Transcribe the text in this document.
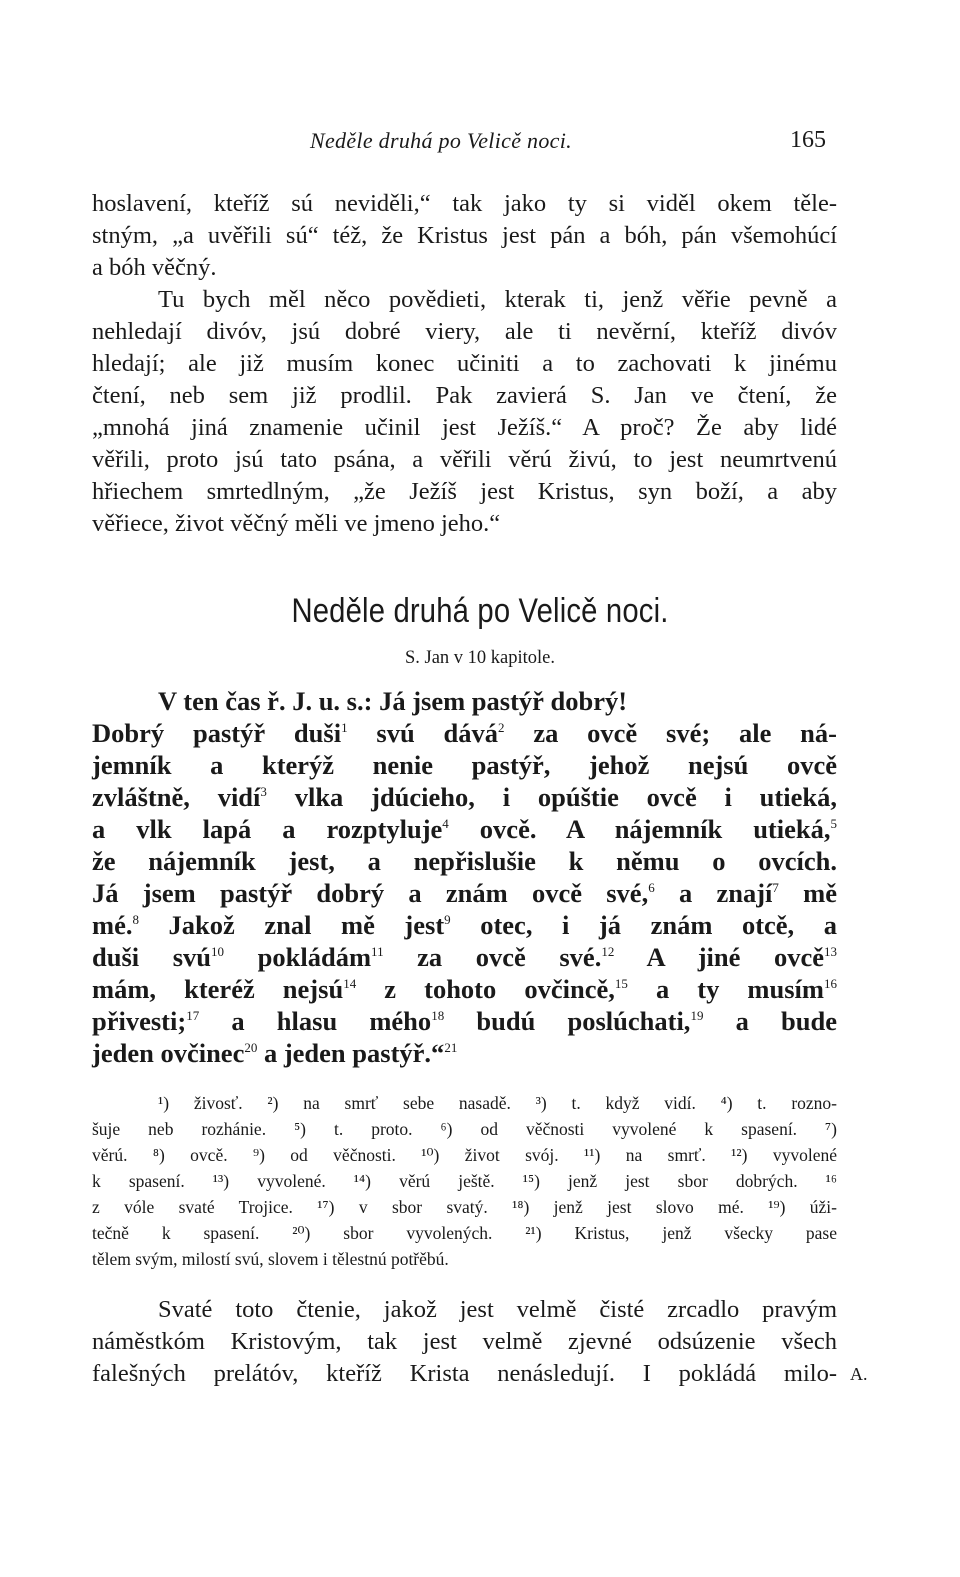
Neděle druhá po Velicě noci.	165
hoslavení, kteříž sú neviděli,“ tak jako ty si viděl okem těle-
stným, „a uvěřili sú“ též, že Kristus jest pán a bóh, pán všemohúcí
a bóh věčný.
Tu bych měl něco povědieti, kterak ti, jenž věřie pevně a
nehledají divóv, jsú dobré viery, ale ti nevěrní, kteříž divóv
hledají; ale již musím konec učiniti a to zachovati k jinému
čtení, neb sem již prodlil. Pak zavierá S. Jan ve čtení, že
„mnohá jiná znamenie učinil jest Ježíš.“ A proč? Že aby lidé
věřili, proto jsú tato psána, a věřili věrú živú, to jest neumrtvenú
hřiechem smrtedlným, „že Ježíš jest Kristus, syn boží, a aby
věřiece, život věčný měli ve jmeno jeho.“
Neděle druhá po Velicě noci.
S. Jan v 10 kapitole.
V ten čas ř. J. u. s.: Já jsem pastýř dobrý!
Dobrý pastýř duši$^1$ svú dává$^2$ za ovcě své; ale ná-
jemník a kterýž nenie pastýř, jehož nejsú ovcě
zvláštně, vidí$^3$ vlka jdúcieho, i opúštie ovcě i utieká,
a vlk lapá a rozptyluje$^4$ ovcě. A nájemník utieká,$^5$
že nájemník jest, a nepřislušie k němu o ovcích.
Já jsem pastýř dobrý a znám ovcě své,$^6$ a znají$^7$ mě
mé.$^8$ Jakož znal mě jest$^9$ otec, i já znám otcě, a
duši svú$^{10}$ pokládám$^{11}$ za ovcě své.$^{12}$ A jiné ovcě$^{13}$
mám, kteréž nejsú$^{14}$ z tohoto ovčincě,$^{15}$ a ty musím$^{16}$
přivesti;$^{17}$ a hlasu mého$^{18}$ budú poslúchati,$^{19}$ a bude
jeden ovčinec$^{20}$ a jeden pastýř.“$^{21}$
¹) živosť. ²) na smrť sebe nasadě. ³) t. když vidí. ⁴) t. rozno-
šuje neb rozhánie. ⁵) t. proto. ⁶) od věčnosti vyvolené k spasení. ⁷)
věrú. ⁸) ovcě. ⁹) od věčnosti. ¹⁰) život svój. ¹¹) na smrť. ¹²) vyvolené
k spasení. ¹³) vyvolené. ¹⁴) věrú ještě. ¹⁵) jenž jest sbor dobrých. ¹⁶
z vóle svaté Trojice. ¹⁷) v sbor svatý. ¹⁸) jenž jest slovo mé. ¹⁹) úži-
tečně k spasení. ²⁰) sbor vyvolených. ²¹) Kristus, jenž všecky pase
tělem svým, milostí svú, slovem i tělestnú potřěbú.
Svaté toto čtenie, jakož jest velmě čisté zrcadlo pravým
náměstkóm Kristovým, tak jest velmě zjevné odsúzenie všech
falešných prelátóv, kteříž Krista nenásledují. I pokládá milo- A.
